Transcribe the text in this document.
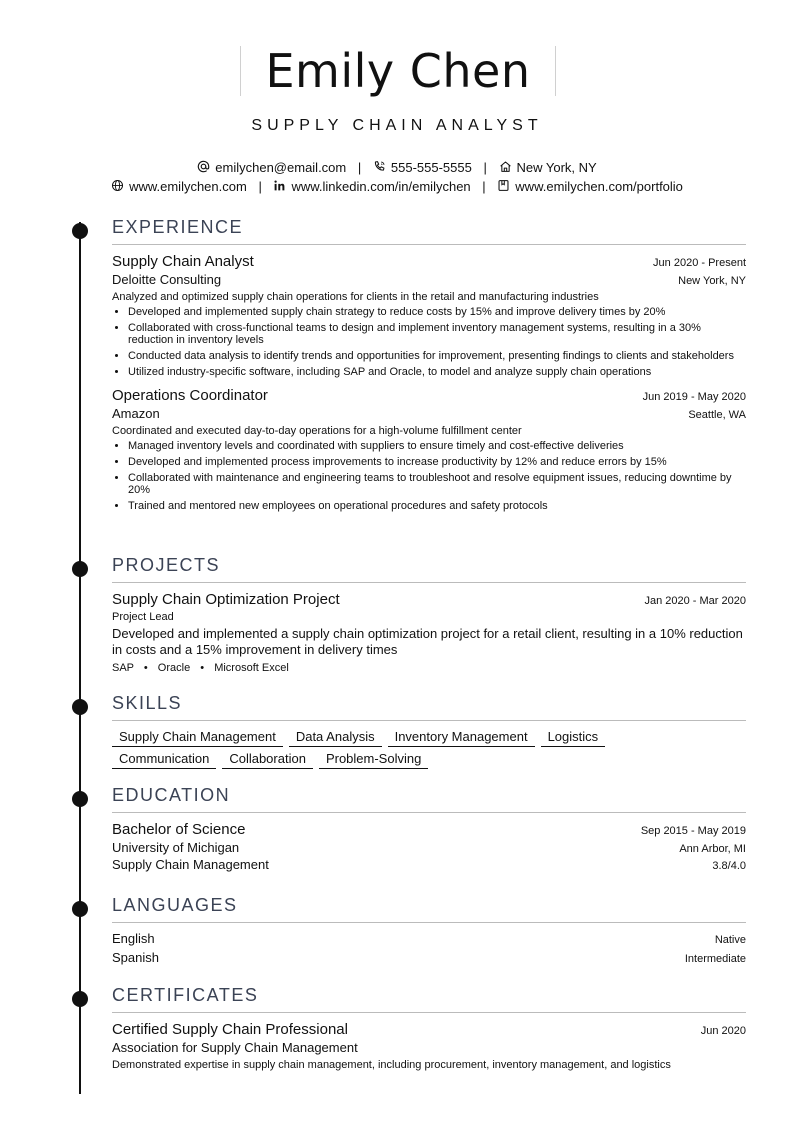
Emily Chen
SUPPLY CHAIN ANALYST
emilychen@email.com | 555-555-5555 | New York, NY
www.emilychen.com | www.linkedin.com/in/emilychen | www.emilychen.com/portfolio
EXPERIENCE
Supply Chain Analyst	Jun 2020 - Present
Deloitte Consulting	New York, NY
Analyzed and optimized supply chain operations for clients in the retail and manufacturing industries
• Developed and implemented supply chain strategy to reduce costs by 15% and improve delivery times by 20%
• Collaborated with cross-functional teams to design and implement inventory management systems, resulting in a 30% reduction in inventory levels
• Conducted data analysis to identify trends and opportunities for improvement, presenting findings to clients and stakeholders
• Utilized industry-specific software, including SAP and Oracle, to model and analyze supply chain operations
Operations Coordinator	Jun 2019 - May 2020
Amazon	Seattle, WA
Coordinated and executed day-to-day operations for a high-volume fulfillment center
• Managed inventory levels and coordinated with suppliers to ensure timely and cost-effective deliveries
• Developed and implemented process improvements to increase productivity by 12% and reduce errors by 15%
• Collaborated with maintenance and engineering teams to troubleshoot and resolve equipment issues, reducing downtime by 20%
• Trained and mentored new employees on operational procedures and safety protocols
PROJECTS
Supply Chain Optimization Project	Jan 2020 - Mar 2020
Project Lead
Developed and implemented a supply chain optimization project for a retail client, resulting in a 10% reduction in costs and a 15% improvement in delivery times
SAP • Oracle • Microsoft Excel
SKILLS
Supply Chain Management Data Analysis Inventory Management Logistics
Communication Collaboration Problem-Solving
EDUCATION
Bachelor of Science	Sep 2015 - May 2019
University of Michigan	Ann Arbor, MI
Supply Chain Management	3.8/4.0
LANGUAGES
English	Native
Spanish	Intermediate
CERTIFICATES
Certified Supply Chain Professional	Jun 2020
Association for Supply Chain Management
Demonstrated expertise in supply chain management, including procurement, inventory management, and logistics
